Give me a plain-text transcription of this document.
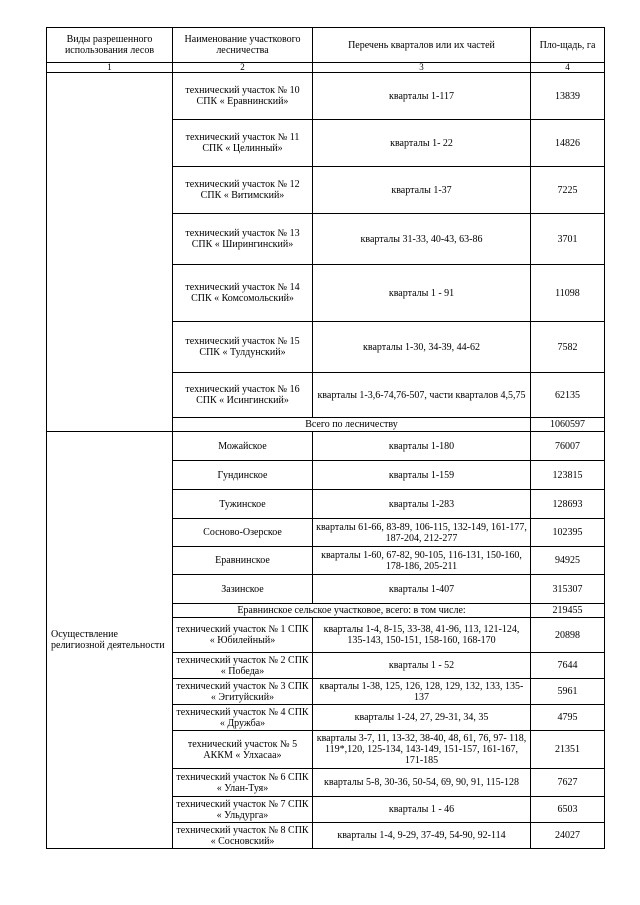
Виды разрешенного использования лесов	Наименование участкового лесничества	Перечень кварталов или их частей	Пло-щадь, га
1	2	3	4
	технический участок № 10 СПК « Еравнинский»	кварталы 1-117	13839
	технический участок № 11 СПК « Целинный»	кварталы 1- 22	14826
	технический участок № 12 СПК « Витимский»	кварталы 1-37	7225
	технический участок № 13 СПК « Ширингинский»	кварталы 31-33, 40-43, 63-86	3701
	технический участок № 14 СПК « Комсомольский»	кварталы 1 - 91	11098
	технический участок № 15 СПК « Тулдунский»	кварталы 1-30, 34-39, 44-62	7582
	технический участок № 16 СПК « Исингинский»	кварталы 1-3,6-74,76-507, части кварталов 4,5,75	62135
	Всего по лесничеству		1060597
Осуществление религиозной деятельности	Можайское	кварталы 1-180	76007
	Гундинское	кварталы 1-159	123815
	Тужинское	кварталы 1-283	128693
	Сосново-Озерское	кварталы 61-66, 83-89, 106-115, 132-149, 161-177, 187-204, 212-277	102395
	Еравнинское	кварталы 1-60, 67-82, 90-105, 116-131, 150-160, 178-186, 205-211	94925
	Зазинское	кварталы 1-407	315307
	Еравнинское сельское участковое, всего: в том числе:		219455
	технический участок № 1 СПК « Юбилейный»	кварталы 1-4, 8-15, 33-38, 41-96, 113, 121-124, 135-143, 150-151, 158-160, 168-170	20898
	технический участок № 2 СПК « Победа»	кварталы 1 - 52	7644
	технический участок № 3 СПК « Эгитуйский»	кварталы 1-38, 125, 126, 128, 129, 132, 133, 135-137	5961
	технический участок № 4 СПК « Дружба»	кварталы 1-24, 27, 29-31, 34, 35	4795
	технический участок № 5 АККМ « Улхасаа»	кварталы 3-7, 11, 13-32, 38-40, 48, 61, 76, 97- 118, 119*,120, 125-134, 143-149, 151-157, 161-167, 171-185	21351
	технический участок № 6 СПК « Улан-Туя»	кварталы 5-8, 30-36, 50-54, 69, 90, 91, 115-128	7627
	технический участок № 7 СПК « Ульдурга»	кварталы 1 - 46	6503
	технический участок № 8 СПК « Сосновский»	кварталы 1-4, 9-29, 37-49, 54-90, 92-114	24027
